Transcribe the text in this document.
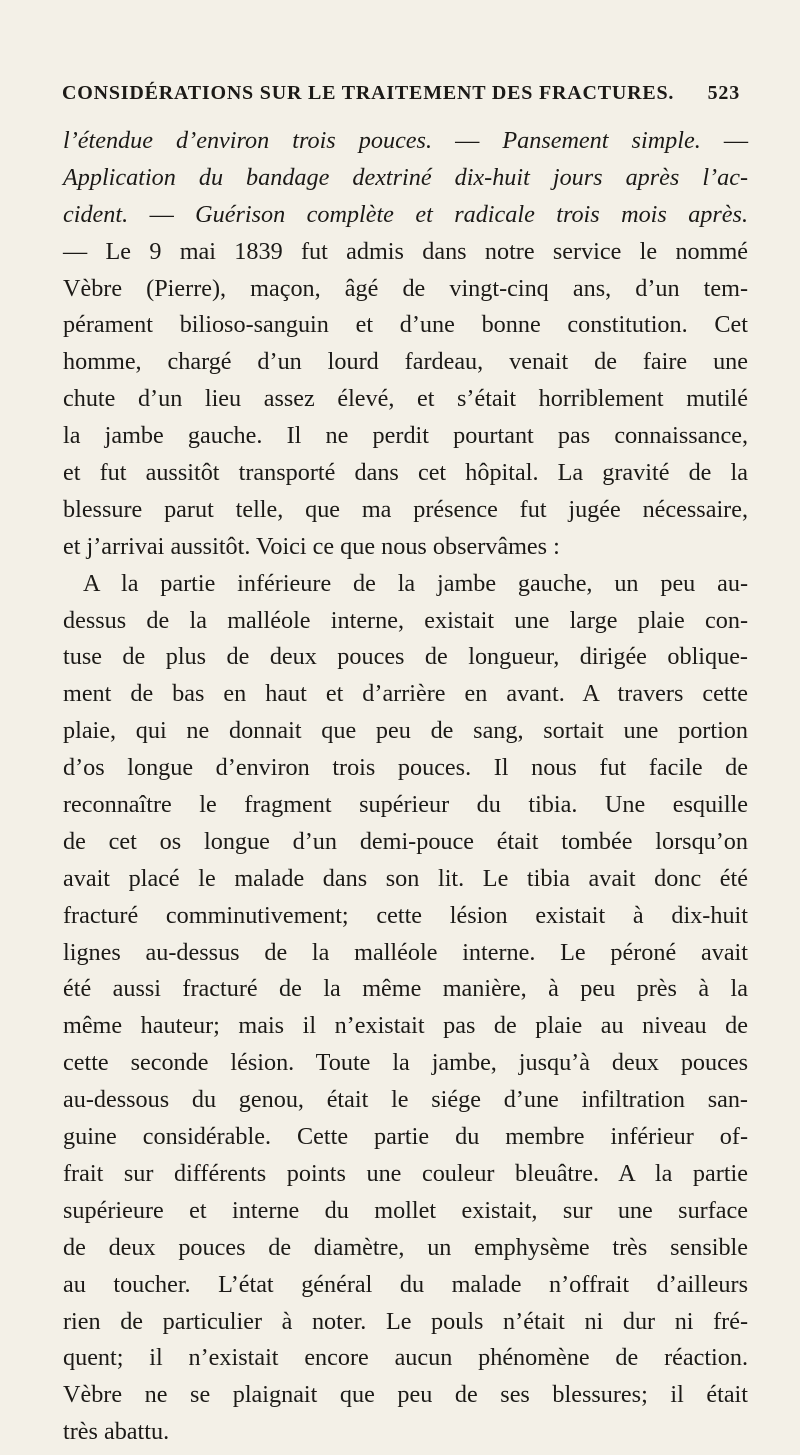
CONSIDÉRATIONS SUR LE TRAITEMENT DES FRACTURES. 523
l’étendue d’environ trois pouces. — Pansement simple. —
Application du bandage dextriné dix-huit jours après l’ac-
cident. — Guérison complète et radicale trois mois après.
— Le 9 mai 1839 fut admis dans notre service le nommé
Vèbre (Pierre), maçon, âgé de vingt-cinq ans, d’un tem-
pérament bilioso-sanguin et d’une bonne constitution. Cet
homme, chargé d’un lourd fardeau, venait de faire une
chute d’un lieu assez élevé, et s’était horriblement mutilé
la jambe gauche. Il ne perdit pourtant pas connaissance,
et fut aussitôt transporté dans cet hôpital. La gravité de la
blessure parut telle, que ma présence fut jugée nécessaire,
et j’arrivai aussitôt. Voici ce que nous observâmes :
A la partie inférieure de la jambe gauche, un peu au-
dessus de la malléole interne, existait une large plaie con-
tuse de plus de deux pouces de longueur, dirigée oblique-
ment de bas en haut et d’arrière en avant. A travers cette
plaie, qui ne donnait que peu de sang, sortait une portion
d’os longue d’environ trois pouces. Il nous fut facile de
reconnaître le fragment supérieur du tibia. Une esquille
de cet os longue d’un demi-pouce était tombée lorsqu’on
avait placé le malade dans son lit. Le tibia avait donc été
fracturé comminutivement; cette lésion existait à dix-huit
lignes au-dessus de la malléole interne. Le péroné avait
été aussi fracturé de la même manière, à peu près à la
même hauteur; mais il n’existait pas de plaie au niveau de
cette seconde lésion. Toute la jambe, jusqu’à deux pouces
au-dessous du genou, était le siége d’une infiltration san-
guine considérable. Cette partie du membre inférieur of-
frait sur différents points une couleur bleuâtre. A la partie
supérieure et interne du mollet existait, sur une surface
de deux pouces de diamètre, un emphysème très sensible
au toucher. L’état général du malade n’offrait d’ailleurs
rien de particulier à noter. Le pouls n’était ni dur ni fré-
quent; il n’existait encore aucun phénomène de réaction.
Vèbre ne se plaignait que peu de ses blessures; il était
très abattu.
